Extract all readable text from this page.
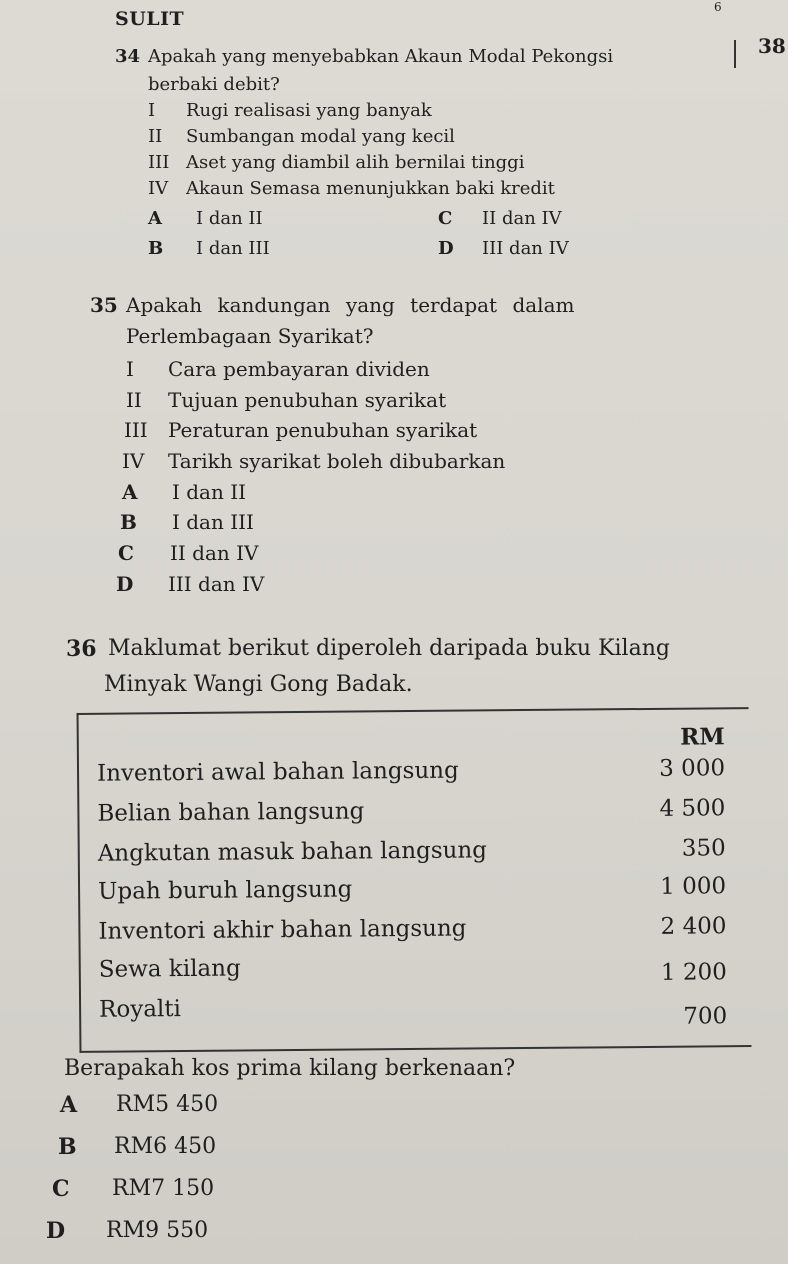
SULIT
6
38
34 Apakah yang menyebabkan Akaun Modal Pekongsi
berbaki debit?
I Rugi realisasi yang banyak
II Sumbangan modal yang kecil
III Aset yang diambil alih bernilai tinggi
IV Akaun Semasa menunjukkan baki kredit
A I dan II	C II dan IV
B I dan III	D III dan IV
35 Apakah kandungan yang terdapat dalam
Perlembagaan Syarikat?
I Cara pembayaran dividen
II Tujuan penubuhan syarikat
III Peraturan penubuhan syarikat
IV Tarikh syarikat boleh dibubarkan
A I dan II
B I dan III
C II dan IV
D III dan IV
36 Maklumat berikut diperoleh daripada buku Kilang
Minyak Wangi Gong Badak.
RM
Inventori awal bahan langsung	3 000
Belian bahan langsung	4 500
Angkutan masuk bahan langsung	350
Upah buruh langsung	1 000
Inventori akhir bahan langsung	2 400
Sewa kilang	1 200
Royalti	700
Berapakah kos prima kilang berkenaan?
A RM5 450
B RM6 450
C RM7 150
D RM9 550
